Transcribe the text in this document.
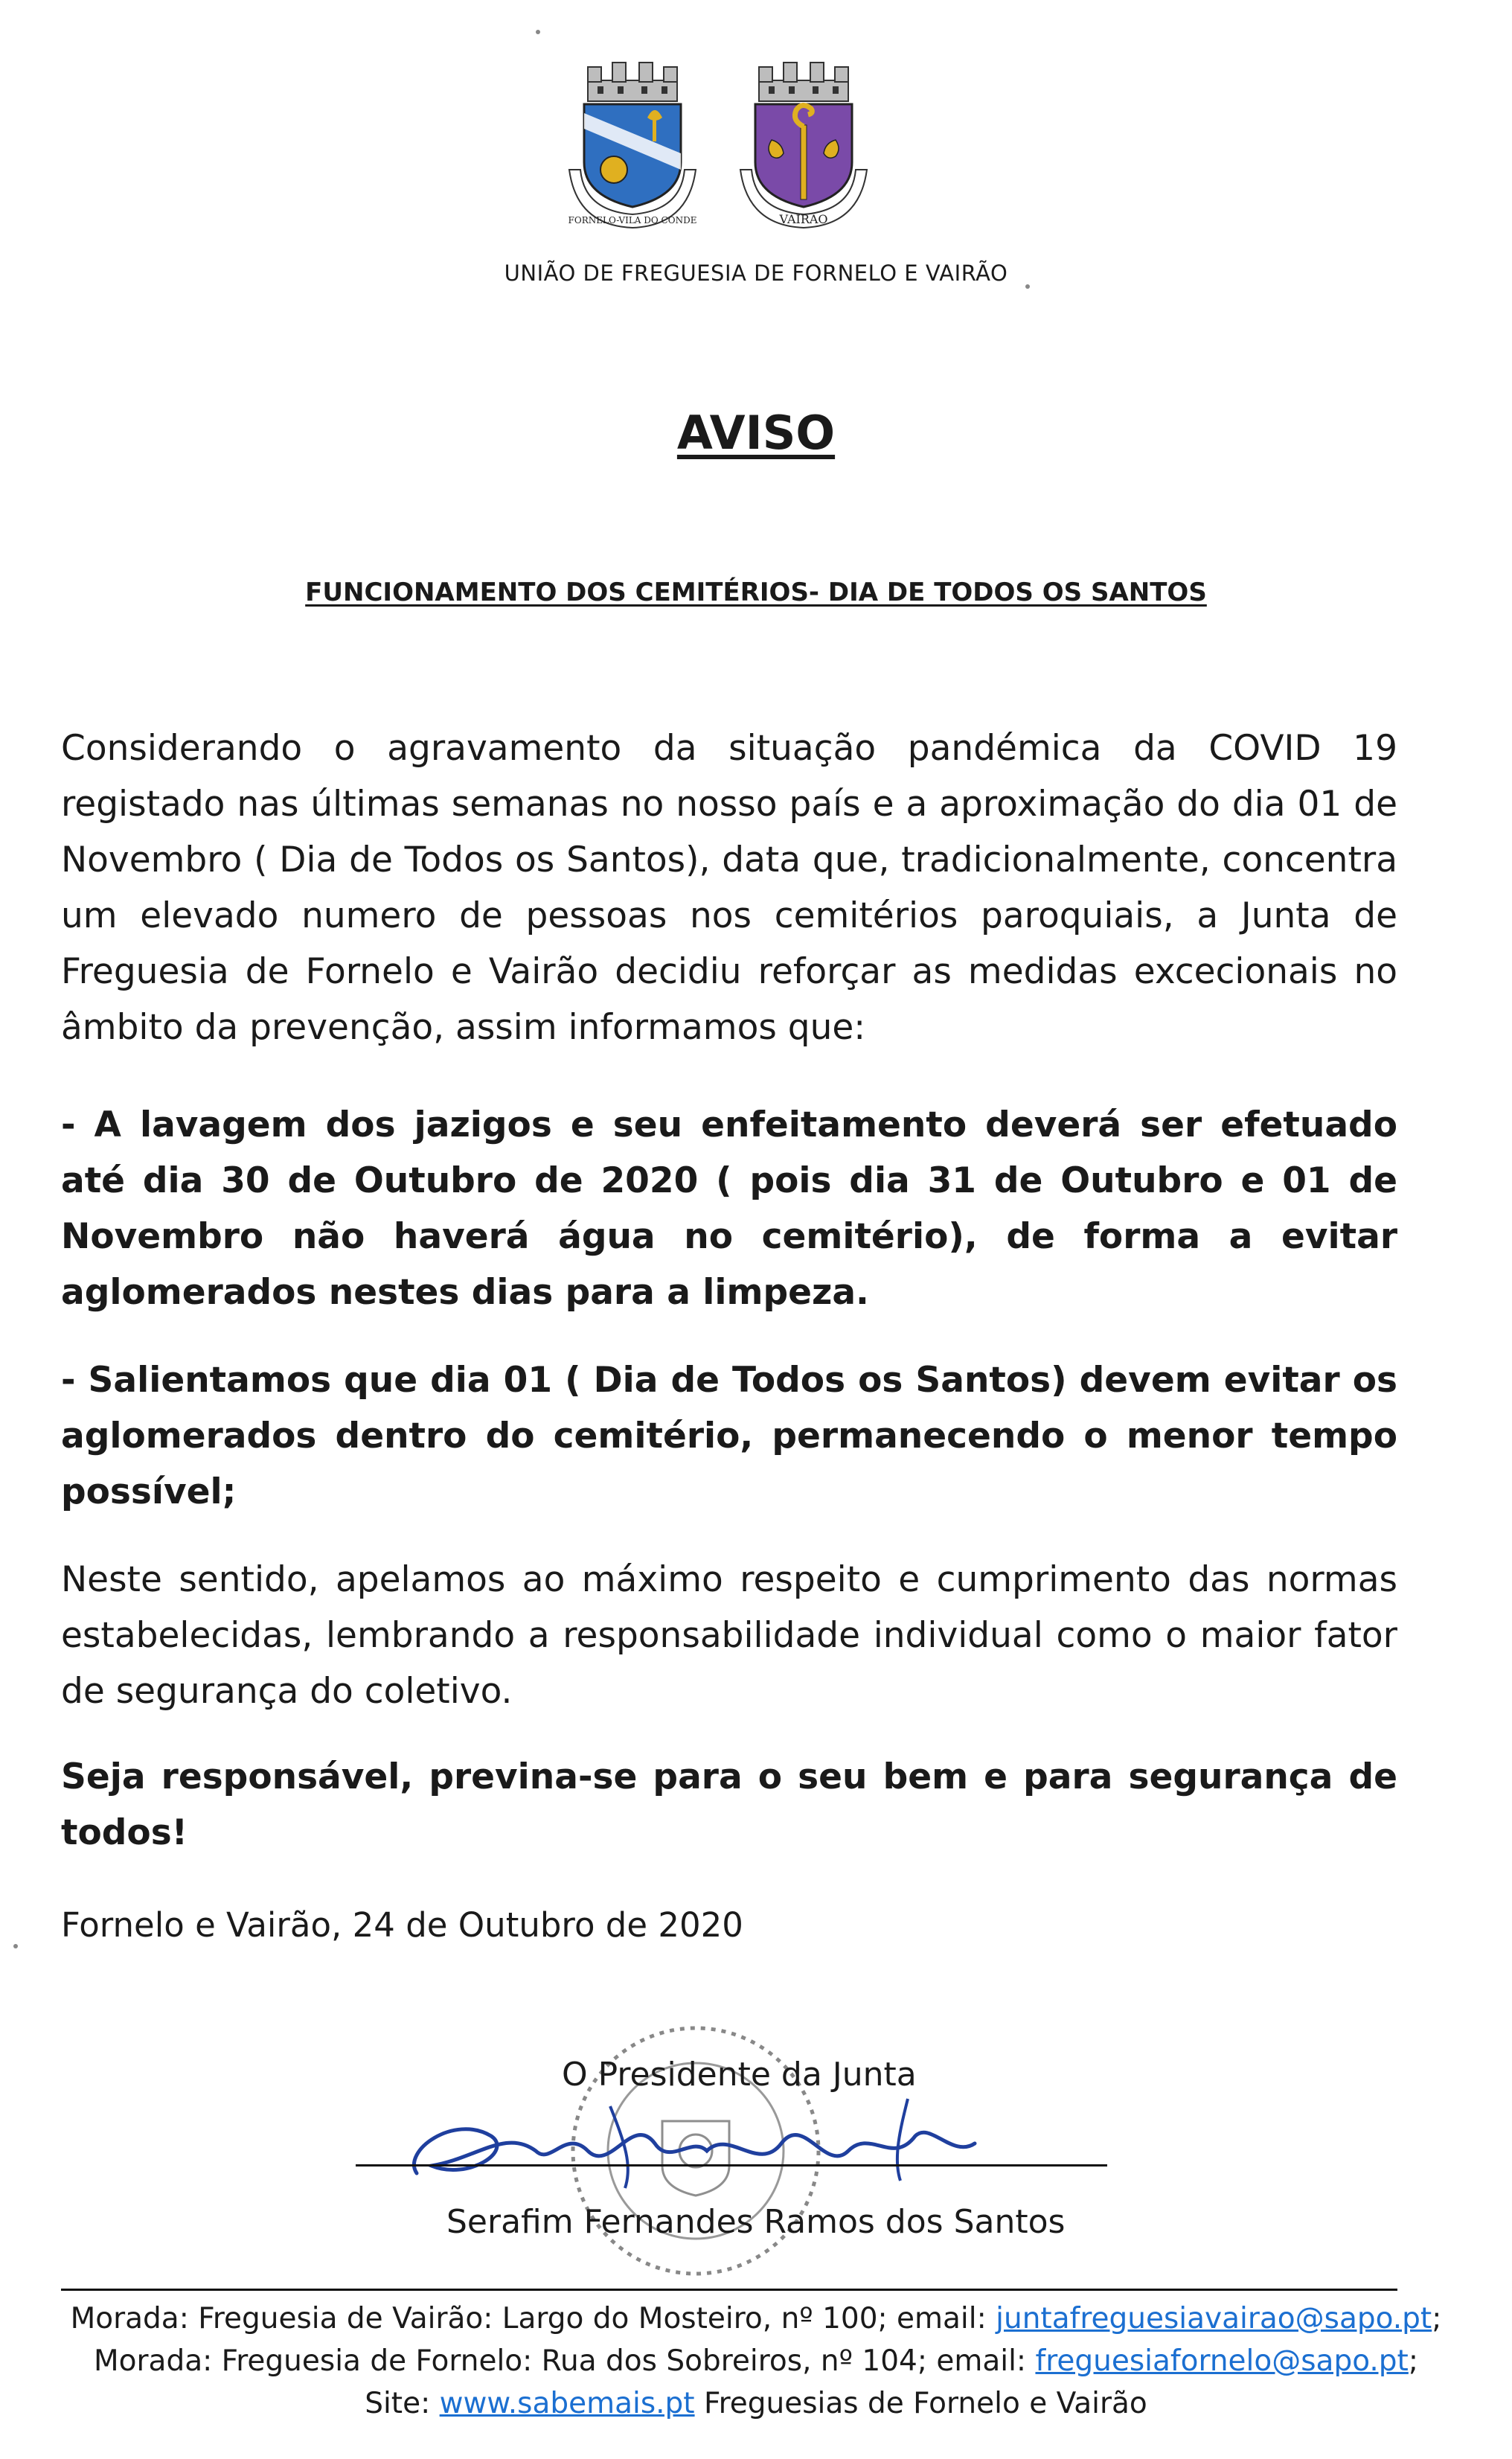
FORNELO-VILA DO CONDE	VAIRÃO
UNIÃO DE FREGUESIA DE FORNELO E VAIRÃO
AVISO
FUNCIONAMENTO DOS CEMITÉRIOS- DIA DE TODOS OS SANTOS
Considerando o agravamento da situação pandémica da COVID 19 registado nas últimas semanas no nosso país e a aproximação do dia 01 de Novembro ( Dia de Todos os Santos), data que, tradicionalmente, concentra um elevado numero de pessoas nos cemitérios paroquiais, a Junta de Freguesia de Fornelo e Vairão decidiu reforçar as medidas excecionais no âmbito da prevenção, assim informamos que:
- A lavagem dos jazigos e seu enfeitamento deverá ser efetuado até dia 30 de Outubro de 2020 ( pois dia 31 de Outubro e 01 de Novembro não haverá água no cemitério), de forma a evitar aglomerados nestes dias para a limpeza.
- Salientamos que dia 01 ( Dia de Todos os Santos) devem evitar os aglomerados dentro do cemitério, permanecendo o menor tempo possível;
Neste sentido, apelamos ao máximo respeito e cumprimento das normas estabelecidas, lembrando a responsabilidade individual como o maior fator de segurança do coletivo.
Seja responsável, previna-se para o seu bem e para segurança de todos!
Fornelo e Vairão, 24 de Outubro de 2020
O Presidente da Junta
Serafim Fernandes Ramos dos Santos
Morada: Freguesia de Vairão: Largo do Mosteiro, nº 100; email: juntafreguesiavairao@sapo.pt;
Morada: Freguesia de Fornelo: Rua dos Sobreiros, nº 104; email: freguesiafornelo@sapo.pt;
Site: www.sabemais.pt Freguesias de Fornelo e Vairão
